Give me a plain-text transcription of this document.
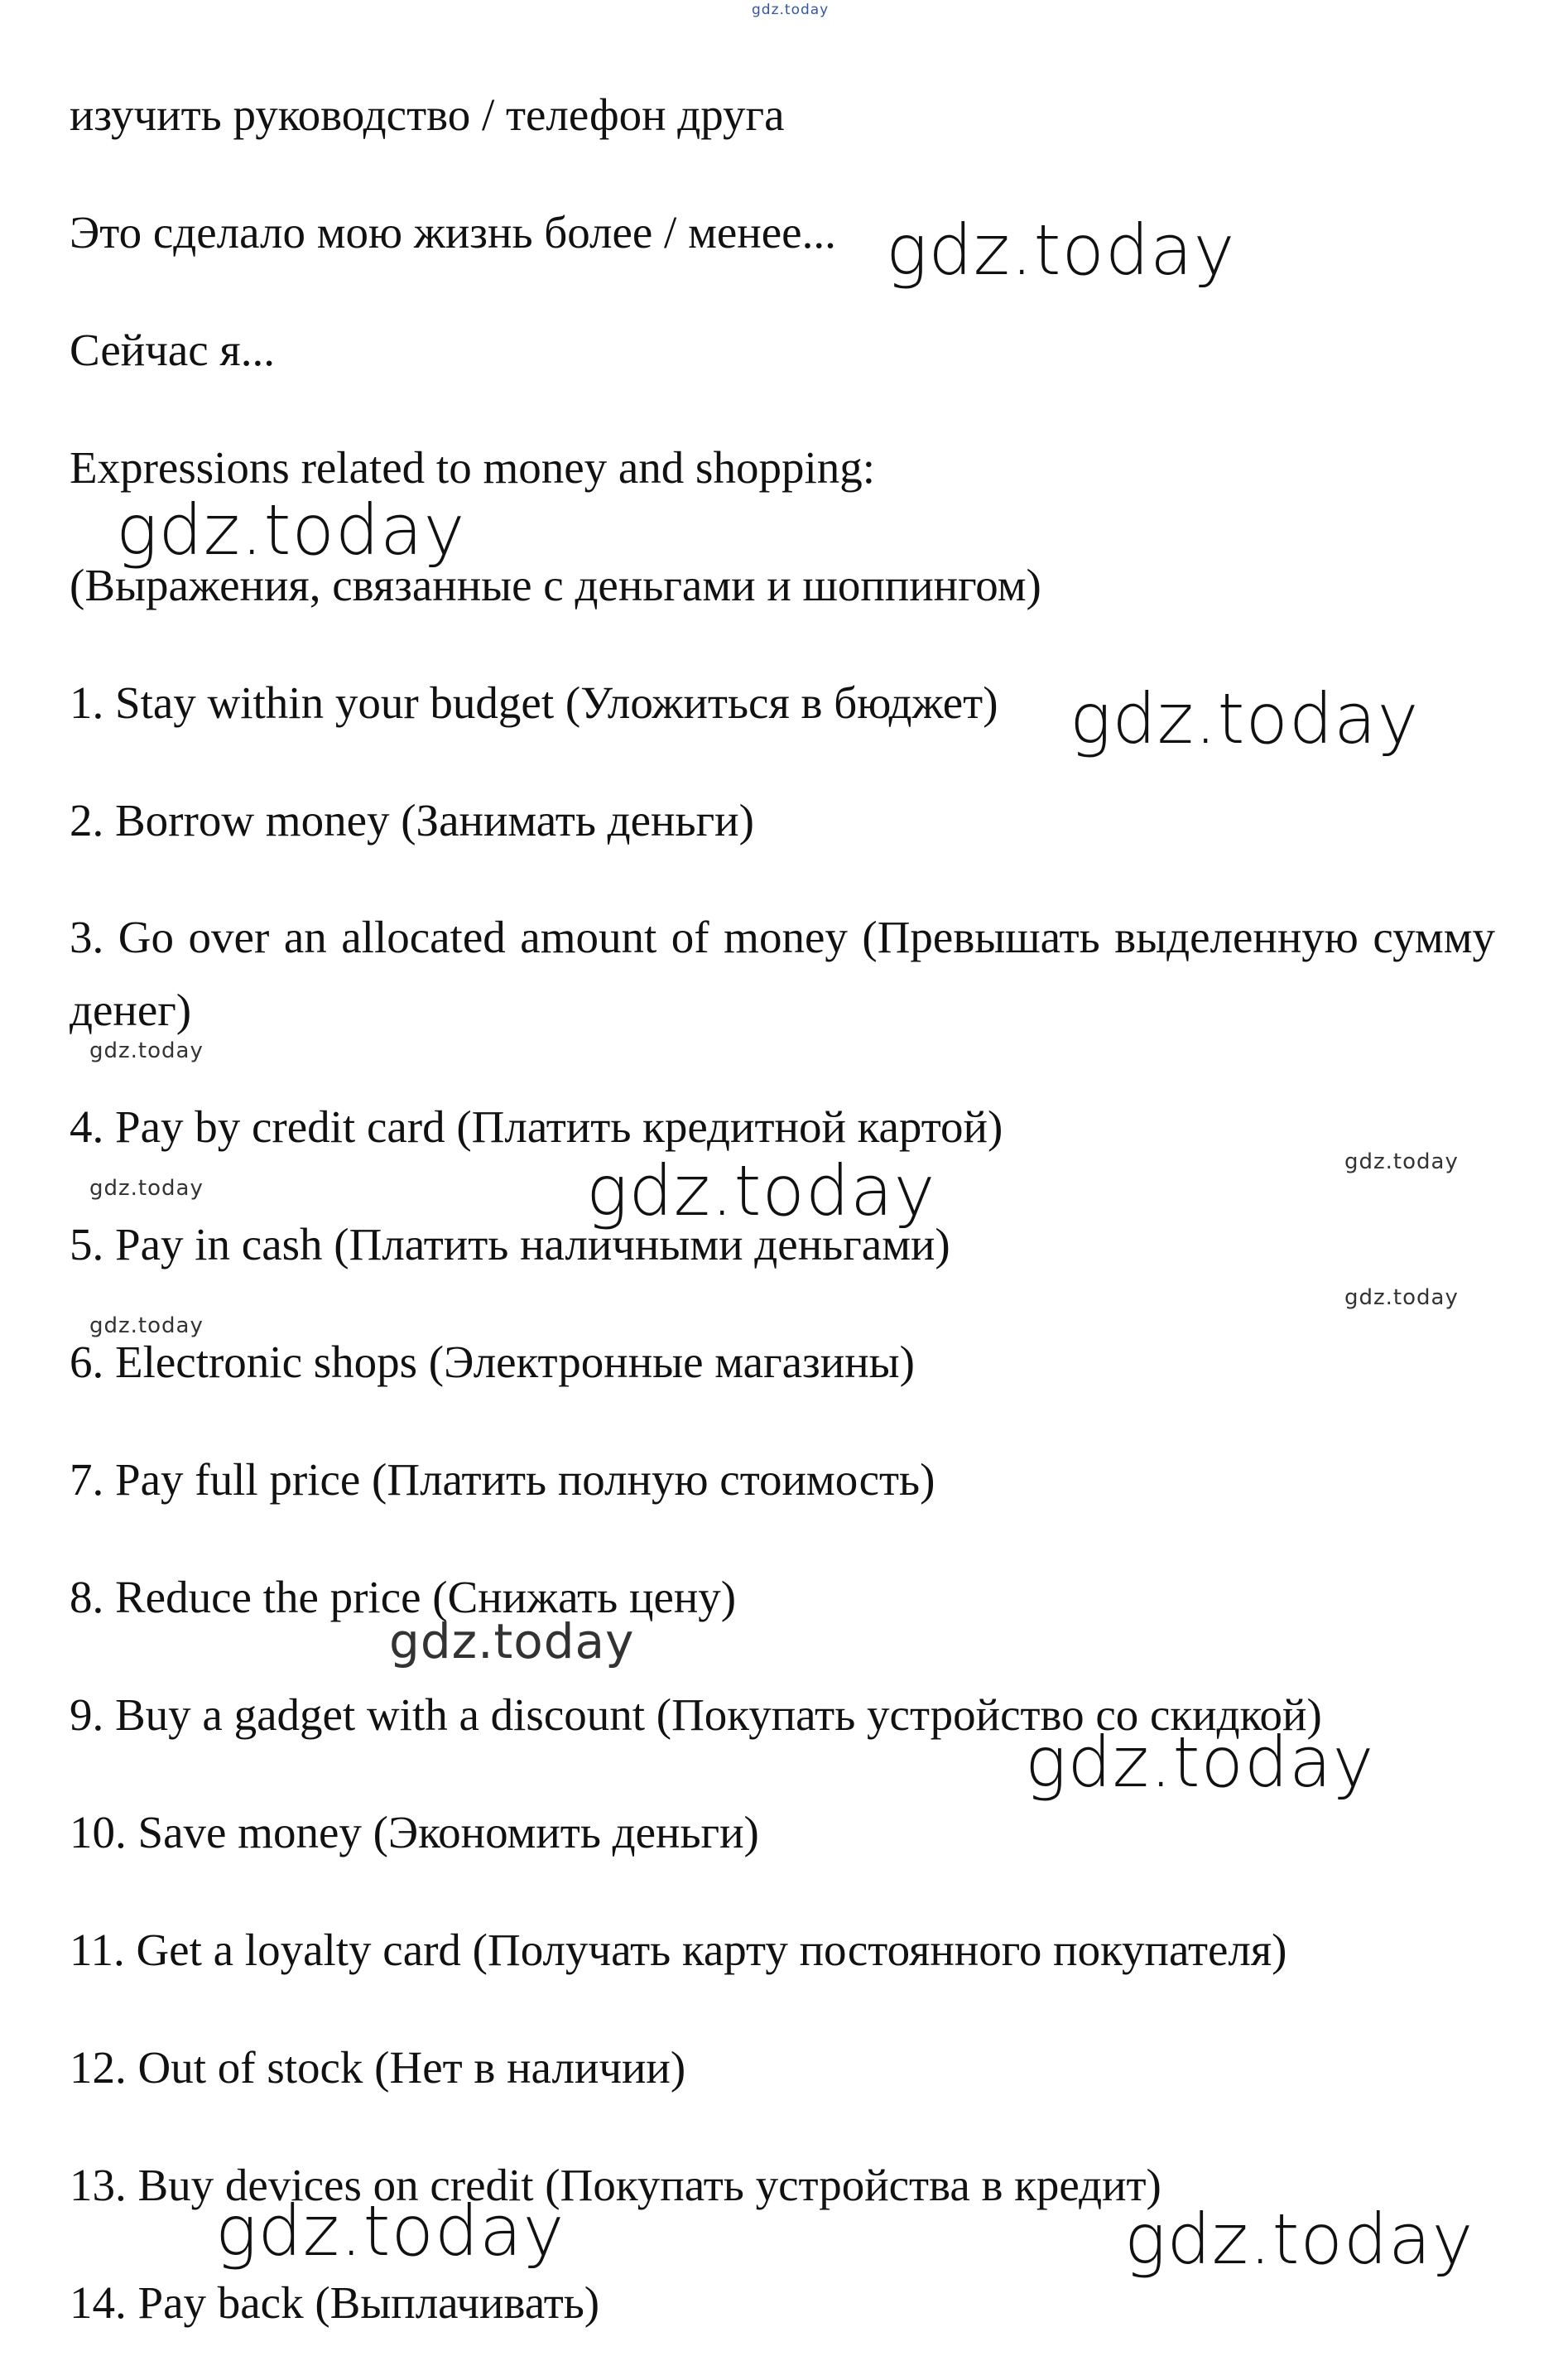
gdz.today
изучить руководство / телефон друга
Это сделало мою жизнь более / менее...
Сейчас я...
Expressions related to money and shopping:
(Выражения, связанные с деньгами и шоппингом)
1. Stay within your budget (Уложиться в бюджет)
2. Borrow money (Занимать деньги)
3. Go over an allocated amount of money (Превышать выделенную сумму денег)
4. Pay by credit card (Платить кредитной картой)
5. Pay in cash (Платить наличными деньгами)
6. Electronic shops (Электронные магазины)
7. Pay full price (Платить полную стоимость)
8. Reduce the price (Снижать цену)
9. Buy a gadget with a discount (Покупать устройство со скидкой)
10. Save money (Экономить деньги)
11. Get a loyalty card (Получать карту постоянного покупателя)
12. Out of stock (Нет в наличии)
13. Buy devices on credit (Покупать устройства в кредит)
14. Pay back (Выплачивать)
gdz.today
gdz.today
gdz.today
gdz.today
gdz.today	gdz.today
gdz.today
gdz.today
gdz.today
gdz.today
gdz.today
gdz.today	gdz.today
